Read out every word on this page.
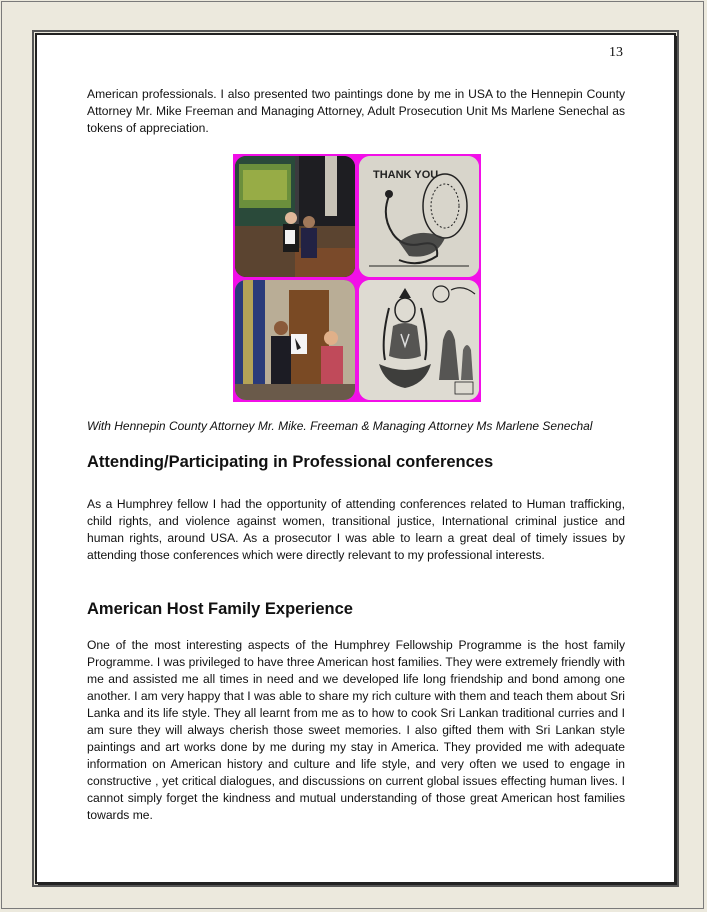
13

American professionals. I also presented two paintings done by me in USA to the Hennepin County Attorney Mr. Mike Freeman and Managing Attorney, Adult Prosecution Unit Ms Marlene Senechal as tokens of appreciation.

THANK YOU

With Hennepin County Attorney Mr. Mike. Freeman & Managing Attorney Ms Marlene Senechal

Attending/Participating in Professional conferences

As a Humphrey fellow I had the opportunity of attending conferences related to Human trafficking, child rights, and violence against women, transitional justice, International criminal justice and human rights, around USA. As a prosecutor I was able to learn a great deal of timely issues by attending those conferences which were directly relevant to my professional interests.

American Host Family Experience

One of the most interesting aspects of the Humphrey Fellowship Programme is the host family Programme. I was privileged to have three American host families. They were extremely friendly with me and assisted me all times in need and we developed life long friendship and bond among one another. I am very happy that I was able to share my rich culture with them and teach them about Sri Lanka and its life style. They all learnt from me as to how to cook Sri Lankan traditional curries and I am sure they will always cherish those sweet memories. I also gifted them with Sri Lankan style paintings and art works done by me during my stay in America. They provided me with adequate information on American history and culture and life style, and very often we used to engage in constructive , yet critical dialogues, and discussions on current global issues effecting human lives. I cannot simply forget the kindness and mutual understanding of those great American host families towards me.
